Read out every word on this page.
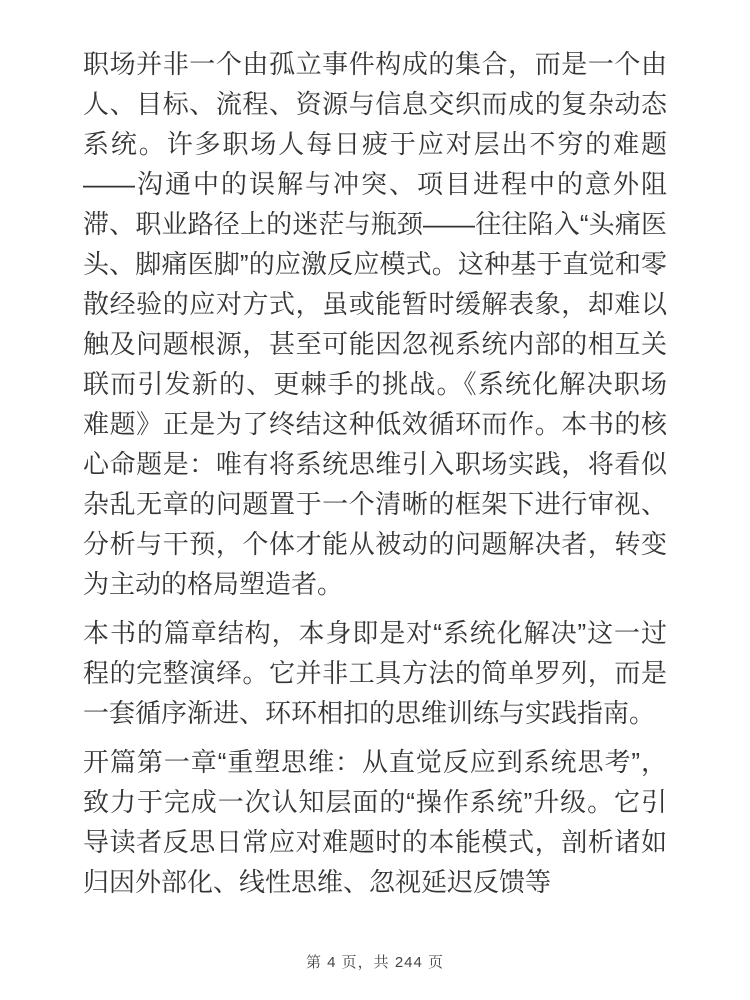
职场并非一个由孤立事件构成的集合，而是一个由人、目标、流程、资源与信息交织而成的复杂动态系统。许多职场人每日疲于应对层出不穷的难题——沟通中的误解与冲突、项目进程中的意外阻滞、职业路径上的迷茫与瓶颈——往往陷入“头痛医头、脚痛医脚”的应激反应模式。这种基于直觉和零散经验的应对方式，虽或能暂时缓解表象，却难以触及问题根源，甚至可能因忽视系统内部的相互关联而引发新的、更棘手的挑战。《系统化解决职场难题》正是为了终结这种低效循环而作。本书的核心命题是：唯有将系统思维引入职场实践，将看似杂乱无章的问题置于一个清晰的框架下进行审视、分析与干预，个体才能从被动的问题解决者，转变为主动的格局塑造者。

本书的篇章结构，本身即是对“系统化解决”这一过程的完整演绎。它并非工具方法的简单罗列，而是一套循序渐进、环环相扣的思维训练与实践指南。

开篇第一章“重塑思维：从直觉反应到系统思考”，致力于完成一次认知层面的“操作系统”升级。它引导读者反思日常应对难题时的本能模式，剖析诸如归因外部化、线性思维、忽视延迟反馈等

第 4 页，共 244 页
